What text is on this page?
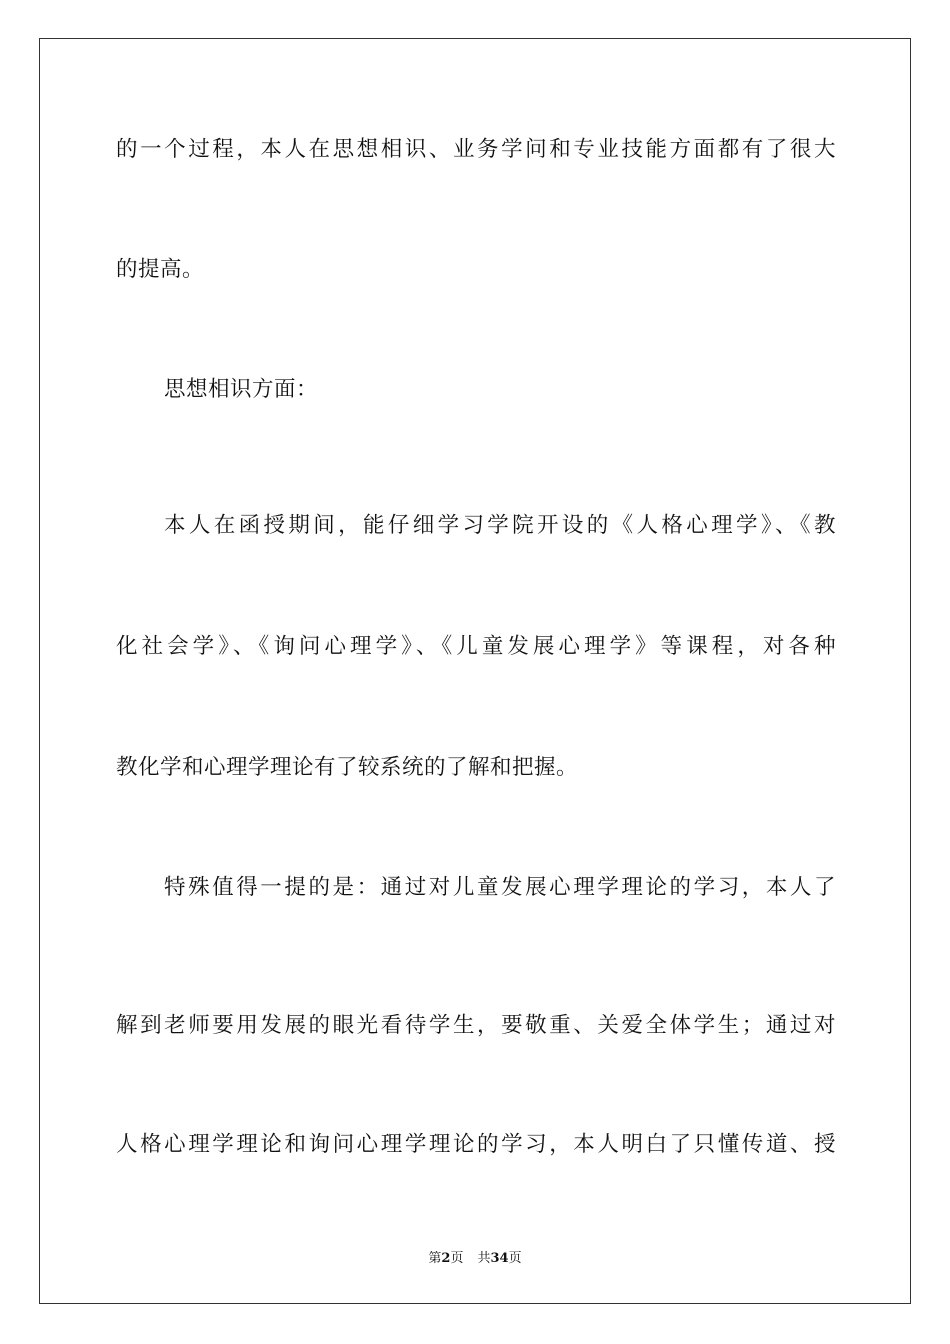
的一个过程，本人在思想相识、业务学问和专业技能方面都有了很大
的提高。
思想相识方面：
本人在函授期间，能仔细学习学院开设的《人格心理学》、《教
化社会学》、《询问心理学》、《儿童发展心理学》等课程，对各种
教化学和心理学理论有了较系统的了解和把握。
特殊值得一提的是：通过对儿童发展心理学理论的学习，本人了
解到老师要用发展的眼光看待学生，要敬重、关爱全体学生；通过对
人格心理学理论和询问心理学理论的学习，本人明白了只懂传道、授
第2页 共34页
